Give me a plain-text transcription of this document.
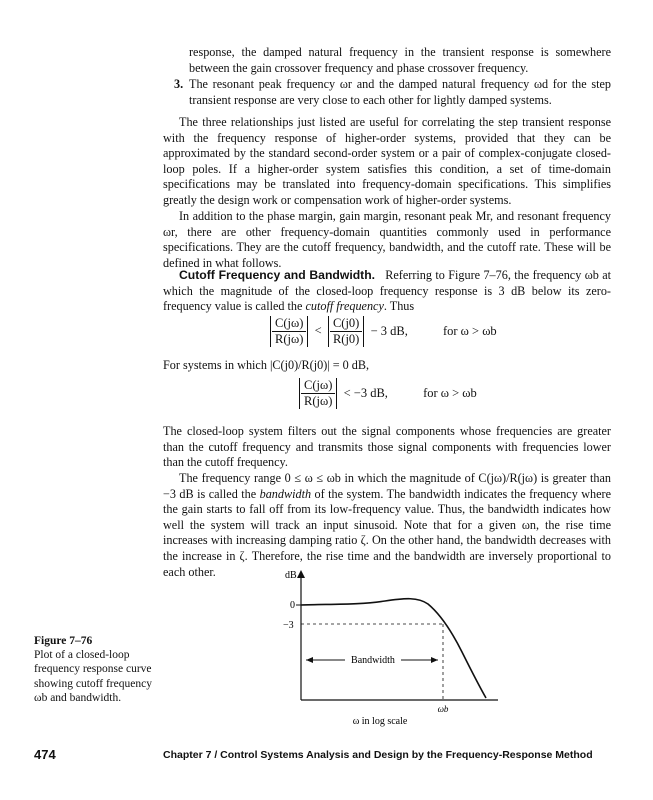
response, the damped natural frequency in the transient response is somewhere between the gain crossover frequency and phase crossover frequency.
3. The resonant peak frequency ωr and the damped natural frequency ωd for the step transient response are very close to each other for lightly damped systems.
The three relationships just listed are useful for correlating the step transient response with the frequency response of higher-order systems, provided that they can be approximated by the standard second-order system or a pair of complex-conjugate closed-loop poles. If a higher-order system satisfies this condition, a set of time-domain specifications may be translated into frequency-domain specifications. This simplifies greatly the design work or compensation work of higher-order systems.
In addition to the phase margin, gain margin, resonant peak Mr, and resonant frequency ωr, there are other frequency-domain quantities commonly used in performance specifications. They are the cutoff frequency, bandwidth, and the cutoff rate. These will be defined in what follows.
Cutoff Frequency and Bandwidth. Referring to Figure 7–76, the frequency ωb at which the magnitude of the closed-loop frequency response is 3 dB below its zero-frequency value is called the cutoff frequency. Thus
$\frac{C(j\omega)}{R(j\omega)} < \frac{C(j0)}{R(j0)} - 3$ dB,	for ω > ωb
For systems in which |C(j0)/R(j0)| = 0 dB,
$\frac{C(j\omega)}{R(j\omega)} < -3$ dB,	for ω > ωb
The closed-loop system filters out the signal components whose frequencies are greater than the cutoff frequency and transmits those signal components with frequencies lower than the cutoff frequency.
The frequency range 0 ≤ ω ≤ ωb in which the magnitude of C(jω)/R(jω) is greater than −3 dB is called the bandwidth of the system. The bandwidth indicates the frequency where the gain starts to fall off from its low-frequency value. Thus, the bandwidth indicates how well the system will track an input sinusoid. Note that for a given ωn, the rise time increases with increasing damping ratio ζ. On the other hand, the bandwidth decreases with the increase in ζ. Therefore, the rise time and the bandwidth are inversely proportional to each other.	dB
0
−3
Bandwidth
ωb
ω in log scale
Figure 7–76
Plot of a closed-loop frequency response curve showing cutoff frequency ωb and bandwidth.
474	Chapter 7 / Control Systems Analysis and Design by the Frequency-Response Method
